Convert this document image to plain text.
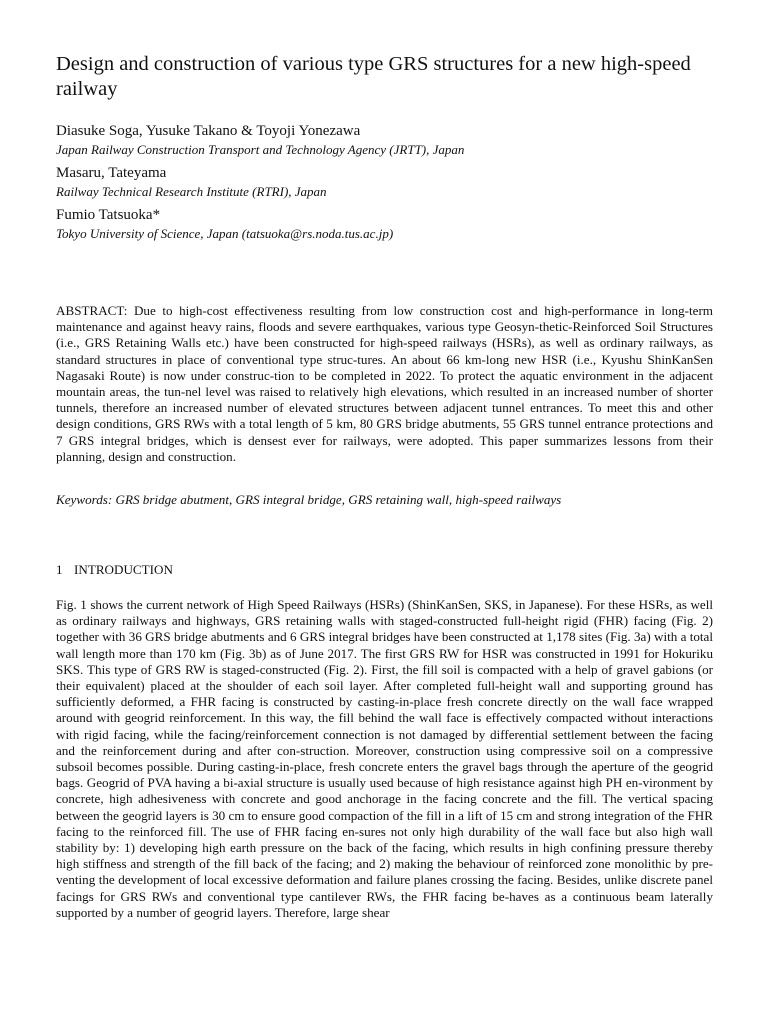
Design and construction of various type GRS structures for a new high-speed railway
Diasuke Soga, Yusuke Takano & Toyoji Yonezawa
Japan Railway Construction Transport and Technology Agency (JRTT), Japan
Masaru, Tateyama
Railway Technical Research Institute (RTRI), Japan
Fumio Tatsuoka*
Tokyo University of Science, Japan (tatsuoka@rs.noda.tus.ac.jp)

ABSTRACT: Due to high-cost effectiveness resulting from low construction cost and high-performance in long-term maintenance and against heavy rains, floods and severe earthquakes, various type Geosyn-thetic-Reinforced Soil Structures (i.e., GRS Retaining Walls etc.) have been constructed for high-speed railways (HSRs), as well as ordinary railways, as standard structures in place of conventional type struc-tures. An about 66 km-long new HSR (i.e., Kyushu ShinKanSen Nagasaki Route) is now under construc-tion to be completed in 2022. To protect the aquatic environment in the adjacent mountain areas, the tun-nel level was raised to relatively high elevations, which resulted in an increased number of shorter tunnels, therefore an increased number of elevated structures between adjacent tunnel entrances. To meet this and other design conditions, GRS RWs with a total length of 5 km, 80 GRS bridge abutments, 55 GRS tunnel entrance protections and 7 GRS integral bridges, which is densest ever for railways, were adopted. This paper summarizes lessons from their planning, design and construction.

Keywords: GRS bridge abutment, GRS integral bridge, GRS retaining wall, high-speed railways

1 INTRODUCTION

Fig. 1 shows the current network of High Speed Railways (HSRs) (ShinKanSen, SKS, in Japanese). For these HSRs, as well as ordinary railways and highways, GRS retaining walls with staged-constructed full-height rigid (FHR) facing (Fig. 2) together with 36 GRS bridge abutments and 6 GRS integral bridges have been constructed at 1,178 sites (Fig. 3a) with a total wall length more than 170 km (Fig. 3b) as of June 2017. The first GRS RW for HSR was constructed in 1991 for Hokuriku SKS. This type of GRS RW is staged-constructed (Fig. 2). First, the fill soil is compacted with a help of gravel gabions (or their equivalent) placed at the shoulder of each soil layer. After completed full-height wall and supporting ground has sufficiently deformed, a FHR facing is constructed by casting-in-place fresh concrete directly on the wall face wrapped around with geogrid reinforcement. In this way, the fill behind the wall face is effectively compacted without interactions with rigid facing, while the facing/reinforcement connection is not damaged by differential settlement between the facing and the reinforcement during and after con-struction. Moreover, construction using compressive soil on a compressive subsoil becomes possible. During casting-in-place, fresh concrete enters the gravel bags through the aperture of the geogrid bags. Geogrid of PVA having a bi-axial structure is usually used because of high resistance against high PH en-vironment by concrete, high adhesiveness with concrete and good anchorage in the facing concrete and the fill. The vertical spacing between the geogrid layers is 30 cm to ensure good compaction of the fill in a lift of 15 cm and strong integration of the FHR facing to the reinforced fill. The use of FHR facing en-sures not only high durability of the wall face but also high wall stability by: 1) developing high earth pressure on the back of the facing, which results in high confining pressure thereby high stiffness and strength of the fill back of the facing; and 2) making the behaviour of reinforced zone monolithic by pre-venting the development of local excessive deformation and failure planes crossing the facing. Besides, unlike discrete panel facings for GRS RWs and conventional type cantilever RWs, the FHR facing be-haves as a continuous beam laterally supported by a number of geogrid layers. Therefore, large shear
